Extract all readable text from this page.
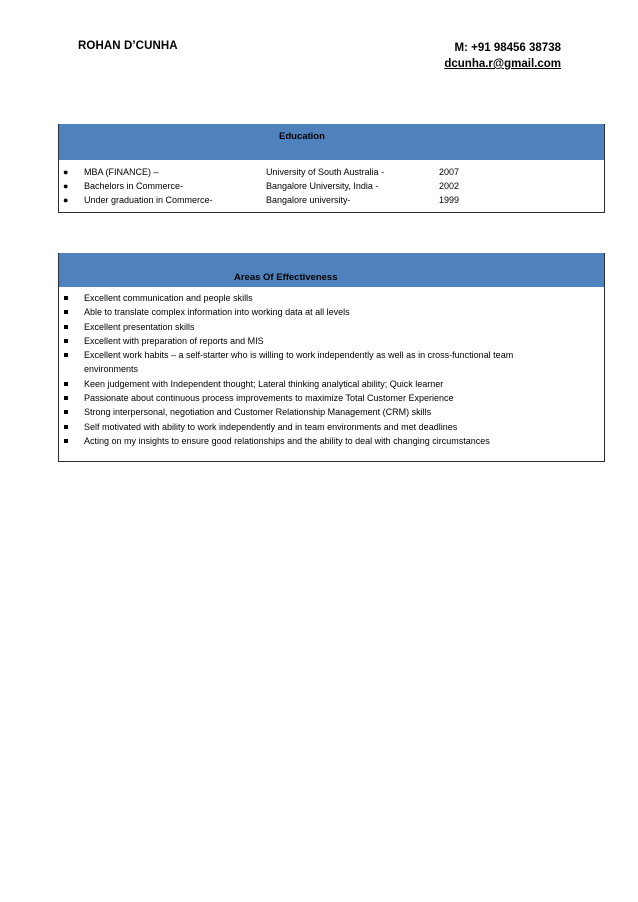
ROHAN D’CUNHA	M: +91 98456 38738
dcunha.r@gmail.com
Education
● MBA (FINANCE) –	University of South Australia -	2007
● Bachelors in Commerce-	Bangalore University, India -	2002
● Under graduation in Commerce-	Bangalore university-	1999
Areas Of Effectiveness
Excellent communication and people skills
Able to translate complex information into working data at all levels
Excellent presentation skills
Excellent with preparation of reports and MIS
Excellent work habits – a self-starter who is willing to work independently as well as in cross-functional team environments
Keen judgement with Independent thought; Lateral thinking analytical ability; Quick learner
Passionate about continuous process improvements to maximize Total Customer Experience
Strong interpersonal, negotiation and Customer Relationship Management (CRM) skills
Self motivated with ability to work independently and in team environments and met deadlines
Acting on my insights to ensure good relationships and the ability to deal with changing circumstances
